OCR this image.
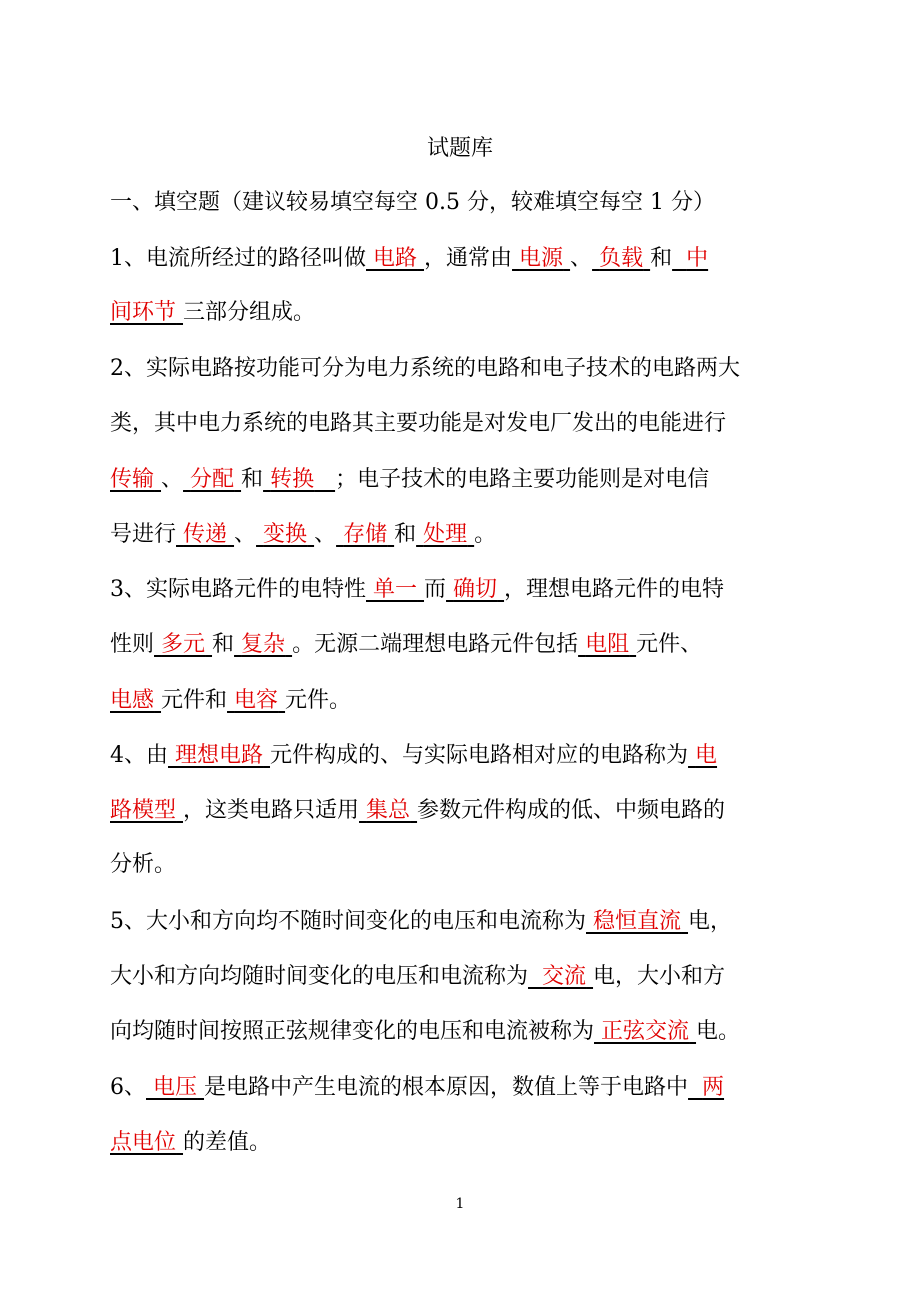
试题库
一、填空题（建议较易填空每空 0.5 分，较难填空每空 1 分）
1、电流所经过的路径叫做 电路 ，通常由 电源 、 负载 和 中
间环节 三部分组成。
2、实际电路按功能可分为电力系统的电路和电子技术的电路两大
类，其中电力系统的电路其主要功能是对发电厂发出的电能进行
传输 、 分配 和 转换 ；电子技术的电路主要功能则是对电信
号进行 传递 、 变换 、 存储 和 处理 。
3、实际电路元件的电特性 单一 而 确切 ，理想电路元件的电特
性则 多元 和 复杂 。无源二端理想电路元件包括 电阻 元件、
电感 元件和 电容 元件。
4、由 理想电路 元件构成的、与实际电路相对应的电路称为 电
路模型 ，这类电路只适用 集总 参数元件构成的低、中频电路的
分析。
5、大小和方向均不随时间变化的电压和电流称为 稳恒直流 电，
大小和方向均随时间变化的电压和电流称为 交流 电，大小和方
向均随时间按照正弦规律变化的电压和电流被称为 正弦交流 电。
6、 电压 是电路中产生电流的根本原因，数值上等于电路中 两
点电位 的差值。
1
